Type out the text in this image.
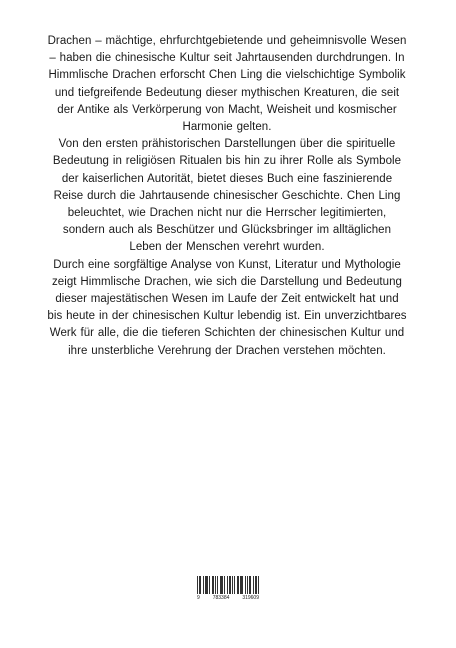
Drachen – mächtige, ehrfurchtgebietende und geheimnisvolle Wesen – haben die chinesische Kultur seit Jahrtausenden durchdrungen. In Himmlische Drachen erforscht Chen Ling die vielschichtige Symbolik und tiefgreifende Bedeutung dieser mythischen Kreaturen, die seit der Antike als Verkörperung von Macht, Weisheit und kosmischer Harmonie gelten.

Von den ersten prähistorischen Darstellungen über die spirituelle Bedeutung in religiösen Ritualen bis hin zu ihrer Rolle als Symbole der kaiserlichen Autorität, bietet dieses Buch eine faszinierende Reise durch die Jahrtausende chinesischer Geschichte. Chen Ling beleuchtet, wie Drachen nicht nur die Herrscher legitimierten, sondern auch als Beschützer und Glücksbringer im alltäglichen Leben der Menschen verehrt wurden.

Durch eine sorgfältige Analyse von Kunst, Literatur und Mythologie zeigt Himmlische Drachen, wie sich die Darstellung und Bedeutung dieser majestätischen Wesen im Laufe der Zeit entwickelt hat und bis heute in der chinesischen Kultur lebendig ist. Ein unverzichtbares Werk für alle, die die tieferen Schichten der chinesischen Kultur und ihre unsterbliche Verehrung der Drachen verstehen möchten.

9	783384	319609
